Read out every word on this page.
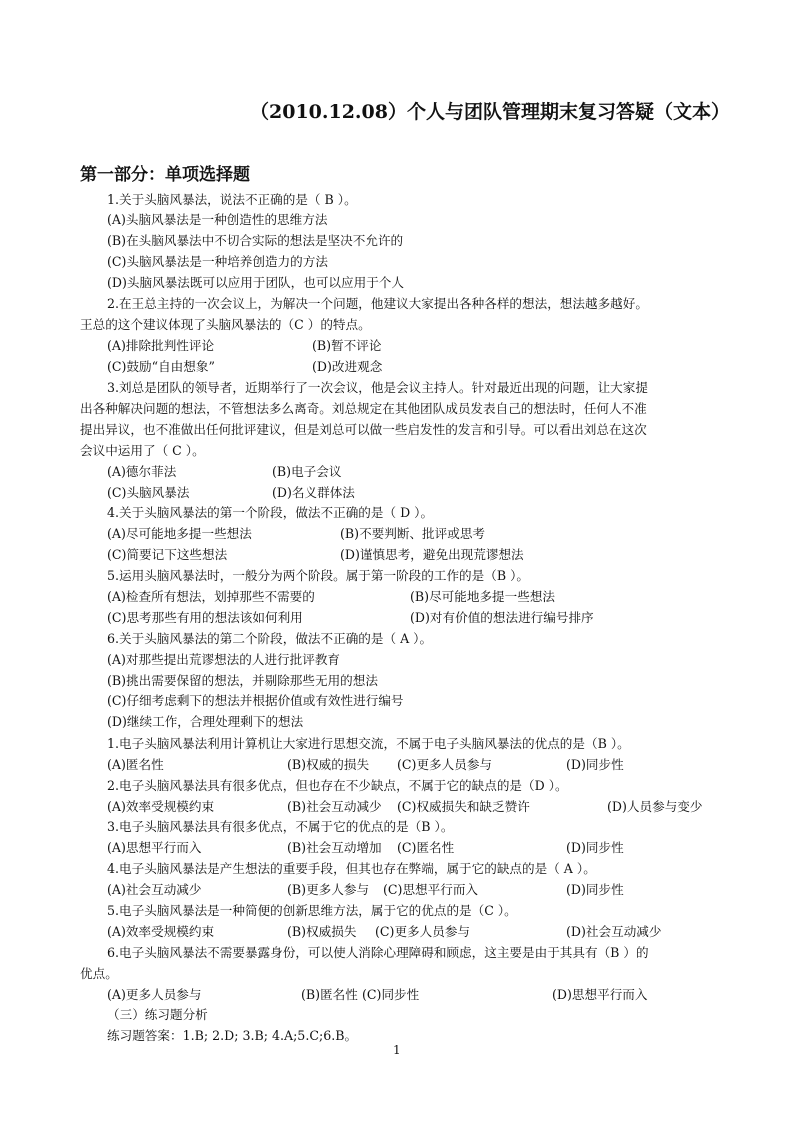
（2010.12.08）个人与团队管理期末复习答疑（文本）
第一部分：单项选择题
1.关于头脑风暴法，说法不正确的是（ B ）。
(A)头脑风暴法是一种创造性的思维方法
(B)在头脑风暴法中不切合实际的想法是坚决不允许的
(C)头脑风暴法是一种培养创造力的方法
(D)头脑风暴法既可以应用于团队，也可以应用于个人
2.在王总主持的一次会议上，为解决一个问题，他建议大家提出各种各样的想法，想法越多越好。
王总的这个建议体现了头脑风暴法的（C ）的特点。
(A)排除批判性评论	(B)暂不评论
(C)鼓励“自由想象”	(D)改进观念
3.刘总是团队的领导者，近期举行了一次会议，他是会议主持人。针对最近出现的问题，让大家提
出各种解决问题的想法，不管想法多么离奇。刘总规定在其他团队成员发表自己的想法时，任何人不准
提出异议，也不准做出任何批评建议，但是刘总可以做一些启发性的发言和引导。可以看出刘总在这次
会议中运用了（ C ）。
(A)德尔菲法	(B)电子会议
(C)头脑风暴法	(D)名义群体法
4.关于头脑风暴法的第一个阶段，做法不正确的是（ D ）。
(A)尽可能地多提一些想法	(B)不要判断、批评或思考
(C)简要记下这些想法	(D)谨慎思考，避免出现荒谬想法
5.运用头脑风暴法时，一般分为两个阶段。属于第一阶段的工作的是（B ）。
(A)检查所有想法，划掉那些不需要的	(B)尽可能地多提一些想法
(C)思考那些有用的想法该如何利用	(D)对有价值的想法进行编号排序
6.关于头脑风暴法的第二个阶段，做法不正确的是（ A ）。
(A)对那些提出荒谬想法的人进行批评教育
(B)挑出需要保留的想法，并剔除那些无用的想法
(C)仔细考虑剩下的想法并根据价值或有效性进行编号
(D)继续工作，合理处理剩下的想法
1.电子头脑风暴法利用计算机让大家进行思想交流，不属于电子头脑风暴法的优点的是（B ）。
(A)匿名性	(B)权威的损失 (C)更多人员参与	(D)同步性
2.电子头脑风暴法具有很多优点，但也存在不少缺点，不属于它的缺点的是（D ）。
(A)效率受规模约束	(B)社会互动减少 (C)权威损失和缺乏赞许	(D)人员参与变少
3.电子头脑风暴法具有很多优点，不属于它的优点的是（B ）。
(A)思想平行而入	(B)社会互动增加 (C)匿名性	(D)同步性
4.电子头脑风暴法是产生想法的重要手段，但其也存在弊端，属于它的缺点的是（ A ）。
(A)社会互动减少	(B)更多人参与 (C)思想平行而入	(D)同步性
5.电子头脑风暴法是一种简便的创新思维方法，属于它的优点的是（C ）。
(A)效率受规模约束	(B)权威损失 (C)更多人员参与	(D)社会互动减少
6.电子头脑风暴法不需要暴露身份，可以使人消除心理障碍和顾虑，这主要是由于其具有（B ）的
优点。
(A)更多人员参与	(B)匿名性 (C)同步性	(D)思想平行而入
（三）练习题分析
练习题答案：1.B; 2.D; 3.B; 4.A;5.C;6.B。
1
